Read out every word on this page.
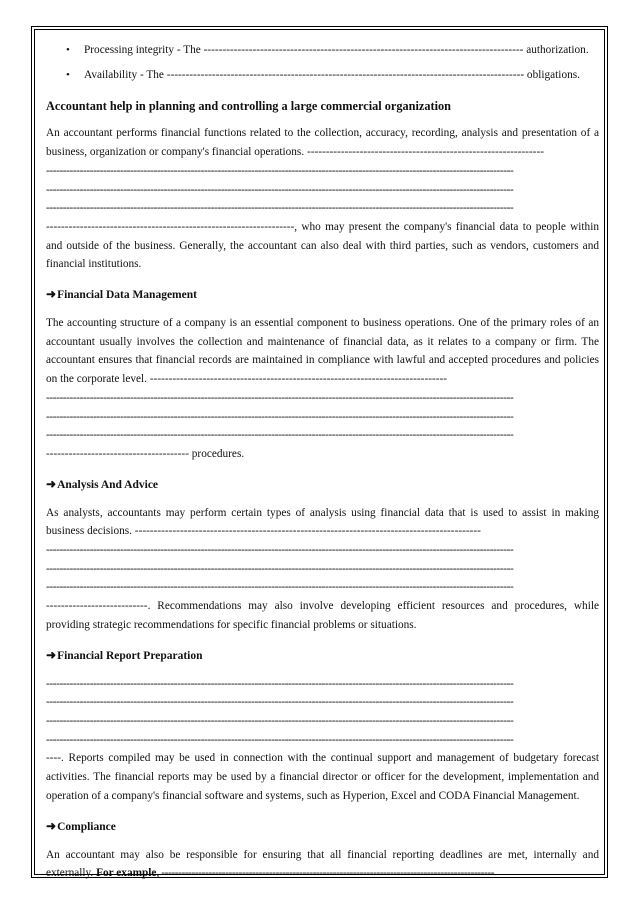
• Processing integrity - The ------------------------------------------------------------------------------------- authorization.
• Availability - The ----------------------------------------------------------------------------------------------- obligations.
Accountant help in planning and controlling a large commercial organization

An accountant performs financial functions related to the collection, accuracy, recording, analysis and presentation of a business, organization or company's financial operations. ---------------------------------------------------------------
-------------------------------------------------------------------------------------------------------------------------------------------
-------------------------------------------------------------------------------------------------------------------------------------------
-------------------------------------------------------------------------------------------------------------------------------------------
------------------------------------------------------------------, who may present the company's financial data to people within and outside of the business. Generally, the accountant can also deal with third parties, such as vendors, customers and financial institutions.

➜Financial Data Management

The accounting structure of a company is an essential component to business operations. One of the primary roles of an accountant usually involves the collection and maintenance of financial data, as it relates to a company or firm. The accountant ensures that financial records are maintained in compliance with lawful and accepted procedures and policies on the corporate level. -------------------------------------------------------------------------------
-------------------------------------------------------------------------------------------------------------------------------------------
-------------------------------------------------------------------------------------------------------------------------------------------
-------------------------------------------------------------------------------------------------------------------------------------------
-------------------------------------- procedures.

➜Analysis And Advice

As analysts, accountants may perform certain types of analysis using financial data that is used to assist in making business decisions. --------------------------------------------------------------------------------------------
-------------------------------------------------------------------------------------------------------------------------------------------
-------------------------------------------------------------------------------------------------------------------------------------------
-------------------------------------------------------------------------------------------------------------------------------------------
---------------------------. Recommendations may also involve developing efficient resources and procedures, while providing strategic recommendations for specific financial problems or situations.

➜Financial Report Preparation

-------------------------------------------------------------------------------------------------------------------------------------------
-------------------------------------------------------------------------------------------------------------------------------------------
-------------------------------------------------------------------------------------------------------------------------------------------
-------------------------------------------------------------------------------------------------------------------------------------------
----. Reports compiled may be used in connection with the continual support and management of budgetary forecast activities. The financial reports may be used by a financial director or officer for the development, implementation and operation of a company's financial software and systems, such as Hyperion, Excel and CODA Financial Management.

➜Compliance

An accountant may also be responsible for ensuring that all financial reporting deadlines are met, internally and externally. For example, ---------------------------------------------------------------------------------------------------
